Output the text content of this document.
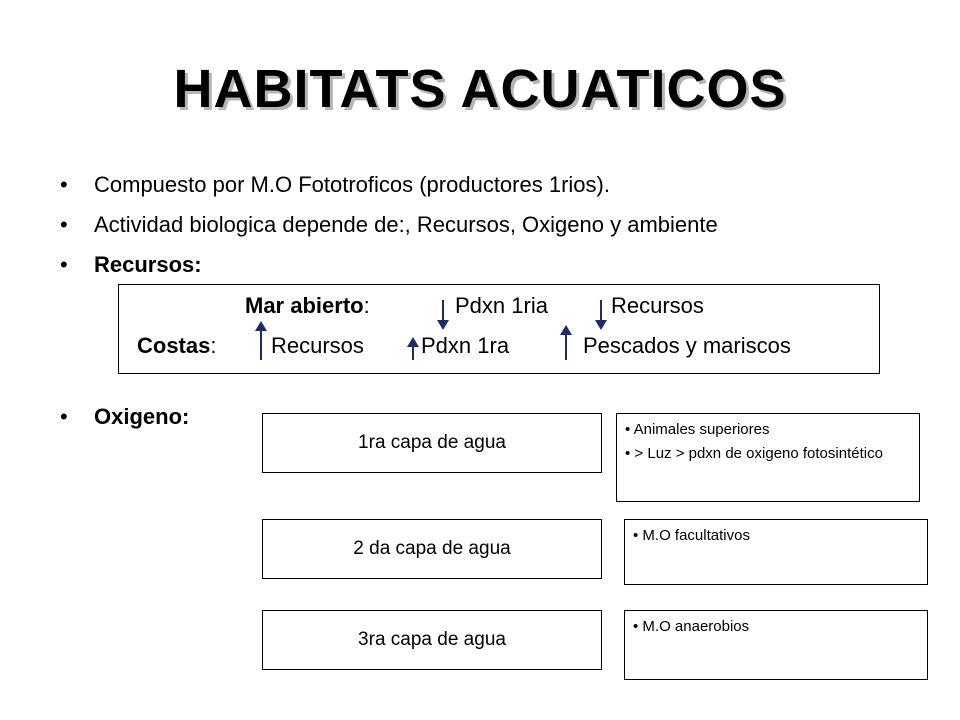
HABITATS ACUATICOS
•	Compuesto por M.O Fototroficos (productores 1rios).
•	Actividad biologica depende de:, Recursos, Oxigeno y ambiente
•	Recursos:
•	Oxigeno:
Mar abierto:	Pdxn 1ria	Recursos
Costas: Recursos	Pdxn 1ra	Pescados y mariscos
1ra capa de agua
• Animales superiores
• > Luz > pdxn de oxigeno fotosintético
2 da capa de agua
• M.O facultativos
3ra capa de agua
• M.O anaerobios
